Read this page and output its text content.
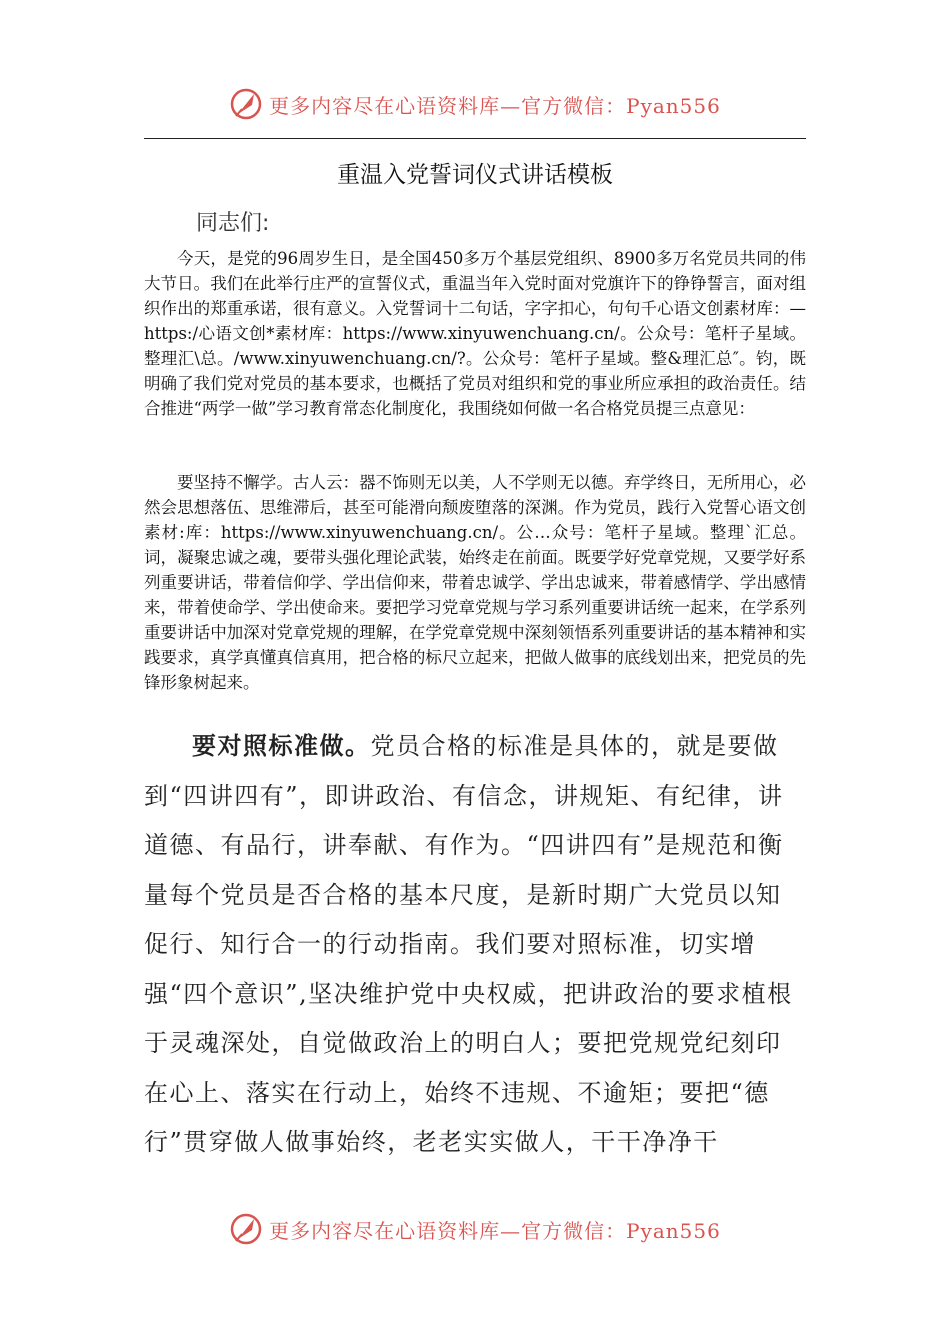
更多内容尽在心语资料库—官方微信：Pyan556
重温入党誓词仪式讲话模板
同志们:

今天，是党的96周岁生日，是全国450多万个基层党组织、8900多万名党员共同的伟大节日。我们在此举行庄严的宣誓仪式，重温当年入党时面对党旗许下的铮铮誓言，面对组织作出的郑重承诺，很有意义。入党誓词十二句话，字字扣心，句句千心语文创素材库：—https:/心语文创*素材库：https://www.xinyuwenchuang.cn/。公众号：笔杆子星域。整理汇\总。/www.xinyuwenchuang.cn/?。公众号：笔杆子星域。整&理汇总″。钧，既明确了我们党对党员的基本要求，也概括了党员对组织和党的事业所应承担的政治责任。结合推进“两学一做”学习教育常态化制度化，我围绕如何做一名合格党员提三点意见：

要坚持不懈学。古人云：器不饰则无以美，人不学则无以德。弃学终日，无所用心，必然会思想落伍、思维滞后，甚至可能滑向颓废堕落的深渊。作为党员，践行入党誓心语文创素材:库：https://www.xinyuwenchuang.cn/。公…众号：笔杆子星域。整理`汇总。词，凝聚忠诚之魂，要带头强化理论武装，始终走在前面。既要学好党章党规，又要学好系列重要讲话，带着信仰学、学出信仰来，带着忠诚学、学出忠诚来，带着感情学、学出感情来，带着使命学、学出使命来。要把学习党章党规与学习系列重要讲话统一起来，在学系列重要讲话中加深对党章党规的理解，在学党章党规中深刻领悟系列重要讲话的基本精神和实践要求，真学真懂真信真用，把合格的标尺立起来，把做人做事的底线划出来，把党员的先锋形象树起来。

要对照标准做。党员合格的标准是具体的，就是要做到“四讲四有”，即讲政治、有信念，讲规矩、有纪律，讲道德、有品行，讲奉献、有作为。“四讲四有”是规范和衡量每个党员是否合格的基本尺度，是新时期广大党员以知促行、知行合一的行动指南。我们要对照标准，切实增强“四个意识”,坚决维护党中央权威，把讲政治的要求植根于灵魂深处，自觉做政治上的明白人；要把党规党纪刻印在心上、落实在行动上，始终不违规、不逾矩；要把“德行”贯穿做人做事始终，老老实实做人，干干净净干

更多内容尽在心语资料库—官方微信：Pyan556
